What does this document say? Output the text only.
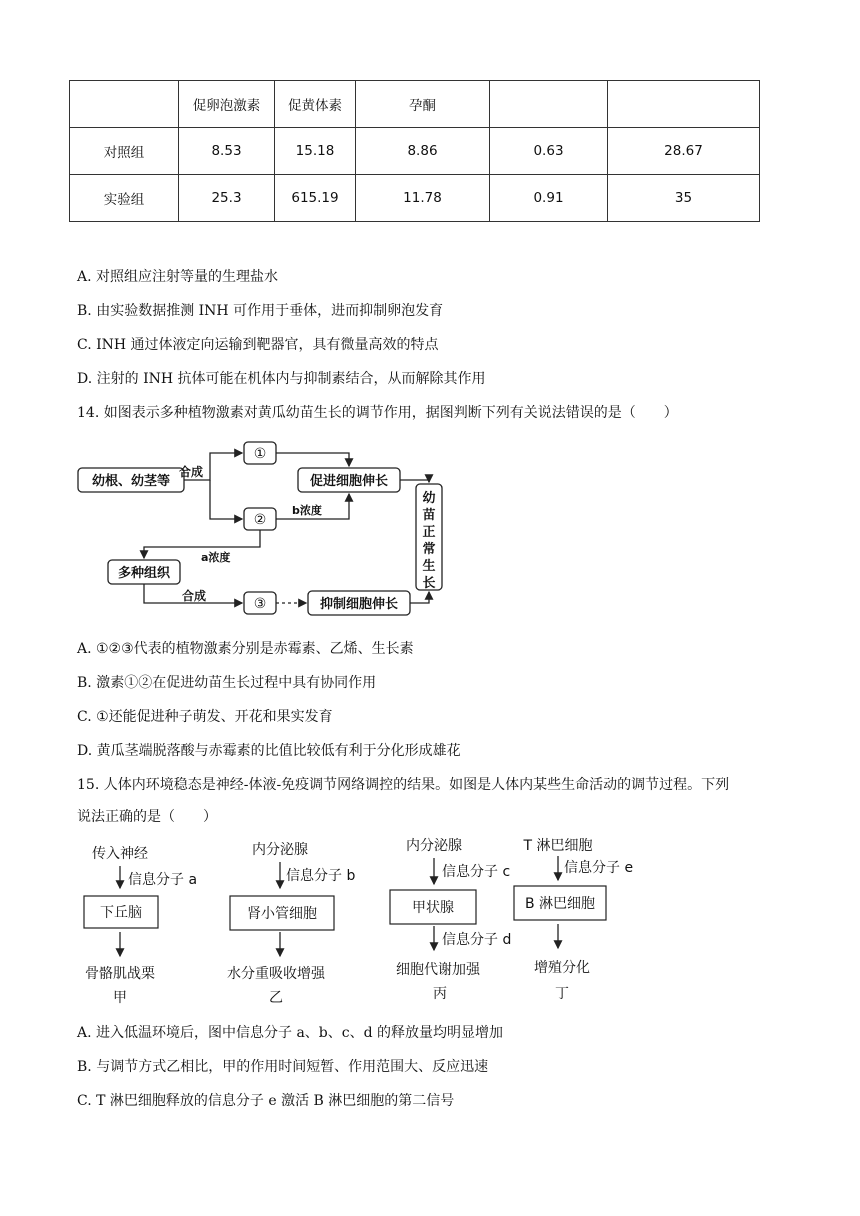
	促卵泡激素	促黄体素	孕酮		
对照组	8.53	15.18	8.86	0.63	28.67
实验组	25.3	615.19	11.78	0.91	35
A. 对照组应注射等量的生理盐水
B. 由实验数据推测 INH 可作用于垂体，进而抑制卵泡发育
C. INH 通过体液定向运输到靶器官，具有微量高效的特点
D. 注射的 INH 抗体可能在机体内与抑制素结合，从而解除其作用
14. 如图表示多种植物激素对黄瓜幼苗生长的调节作用，据图判断下列有关说法错误的是（　　）
幼根、幼茎等
合成
①
②
促进细胞伸长
b浓度
a浓度
多种组织
合成	③	抑制细胞伸长
幼
苗
正
常
生
长
A. ①②③代表的植物激素分别是赤霉素、乙烯、生长素
B. 激素①②在促进幼苗生长过程中具有协同作用
C. ①还能促进种子萌发、开花和果实发育
D. 黄瓜茎端脱落酸与赤霉素的比值比较低有利于分化形成雄花
15. 人体内环境稳态是神经-体液-免疫调节网络调控的结果。如图是人体内某些生命活动的调节过程。下列
说法正确的是（　　）
传入神经
信息分子 a
下丘脑
骨骼肌战栗
甲
内分泌腺
信息分子 b
肾小管细胞
水分重吸收增强
乙
内分泌腺
信息分子 c
甲状腺
信息分子 d
细胞代谢加强
丙
T 淋巴细胞
信息分子 e
B 淋巴细胞
增殖分化
丁
A. 进入低温环境后，图中信息分子 a、b、c、d 的释放量均明显增加
B. 与调节方式乙相比，甲的作用时间短暂、作用范围大、反应迅速
C. T 淋巴细胞释放的信息分子 e 激活 B 淋巴细胞的第二信号
